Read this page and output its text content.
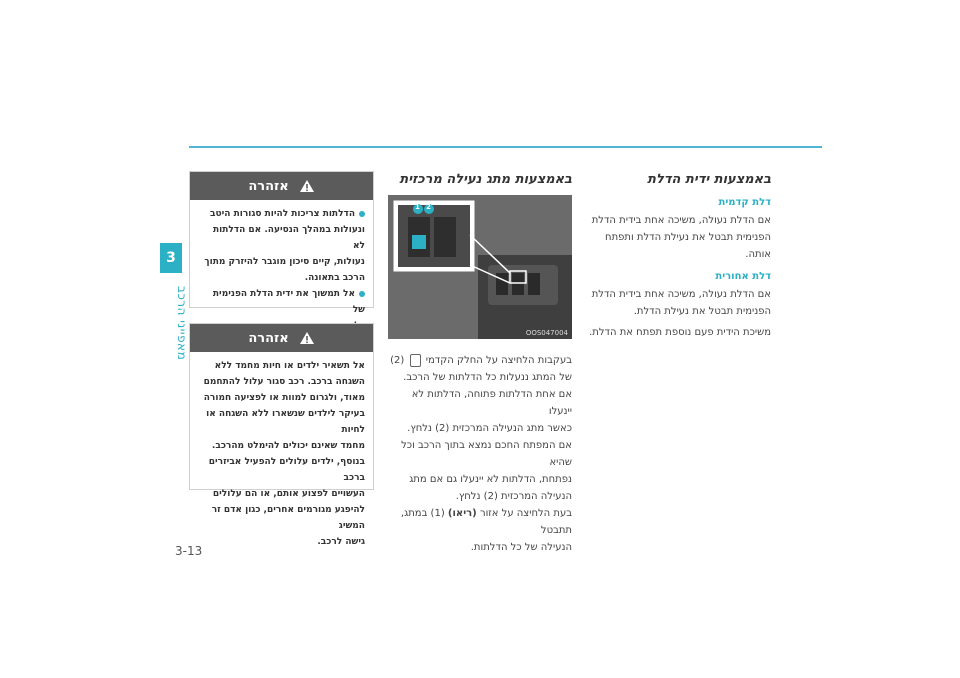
3
מאפייני הרכב
באמצעות ידית הדלת
דלת קדמית

אם הדלת נעולה, משיכה אחת בידית הדלת

הפנימית תבטל את נעילת הדלת ותפתח

אותה.

דלת אחורית

אם הדלת נעולה, משיכה אחת בידית הדלת

הפנימית תבטל את נעילת הדלת.

משיכת הידית פעם נוספת תפתח את הדלת.

באמצעות מתג נעילה מרכזית
1 2
OOS047004

בעקבות הלחיצה על החלק הקדמי  (2)

של המתג ננעלות כל הדלתות של הרכב.

אם אחת הדלתות פתוחה, הדלתות לא יינעלו

כאשר מתג הנעילה המרכזית (2) נלחץ.

אם המפתח החכם נמצא בתוך הרכב וכל שהיא

נפתחת, הדלתות לא יינעלו גם אם מתג

הנעילה המרכזית (2) נלחץ.

בעת הלחיצה על אזור (ריאו) (1) במתג, תתבטל

הנעילה של כל הדלתות.

אזהרה
הדלתות צריכות להיות סגורות היטב
ונעולות במהלך הנסיעה. אם הדלתות לא
נעולות, קיים סיכון מוגבר להיזרק מתוך
הרכב בתאונה.
אל תמשוך את ידית הדלת הפנימית של
אזהרה
אל תשאיר ילדים או חיות מחמד ללא
השגחה ברכב. רכב סגור עלול להתחמם
מאוד, ולגרום למוות או לפציעה חמורה
בעיקר לילדים שנשארו ללא השגחה או לחיות
מחמד שאינם יכולים להימלט מהרכב.
בנוסף, ילדים עלולים להפעיל אביזרים ברכב
העשויים לפצוע אותם, או הם עלולים
להיפגע מגורמים אחרים, כגון אדם זר המשיג
גישה לרכב.
3-13
